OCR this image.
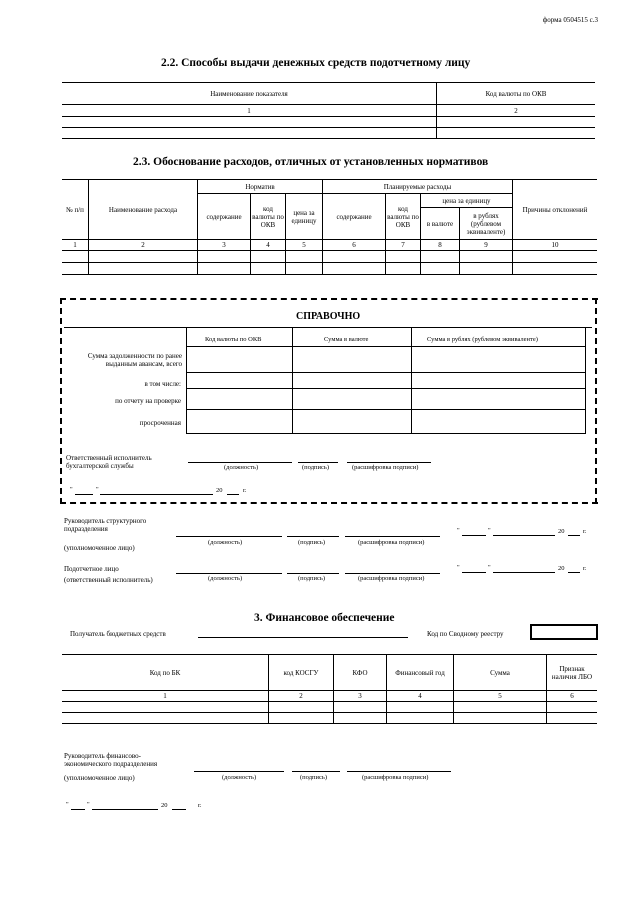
форма 0504515 с.3
2.2. Способы выдачи денежных средств подотчетному лицу
Наименование показателя	Код валюты по ОКВ
1	2

2.3. Обоснование расходов, отличных от установленных нормативов
№ п/п	Наименование расхода	Норматив			Планируемые расходы				Причины отклонений
		содержание	код валюты по ОКВ	цена за единицу	содержание	код валюты по ОКВ	цена за единицу		
							в валюте	в рублях (рублевом эквиваленте)	
1	2	3	4	5	6	7	8	9	10

СПРАВОЧНО
Код валюты по ОКВ	Сумма в валюте	Сумма в рублях (рублевом эквиваленте)

Сумма задолженности по ранее выданным авансам, всего
в том числе:
по отчету на проверке
просроченная
Ответственный исполнитель бухгалтерской службы	(должность)	(подпись)	(расшифровка подписи)
"	"	20	г.
Руководитель структурного подразделения
(уполномоченное лицо)
(должность)	(подпись)	(расшифровка подписи)
"	"	20	г.
Подотчетное лицо
(ответственный исполнитель)	(должность)	(подпись)	(расшифровка подписи)
"	"	20	г.
3. Финансовое обеспечение
Получатель бюджетных средств	Код по Сводному реестру
Код по БК	код КОСГУ	КФО	Финансовый год	Сумма	Признак наличия ЛБО
1	2	3	4	5	6

Руководитель финансово-экономического подразделения
(уполномоченное лицо)	(должность)	(подпись)	(расшифровка подписи)
"	"	20	г.
